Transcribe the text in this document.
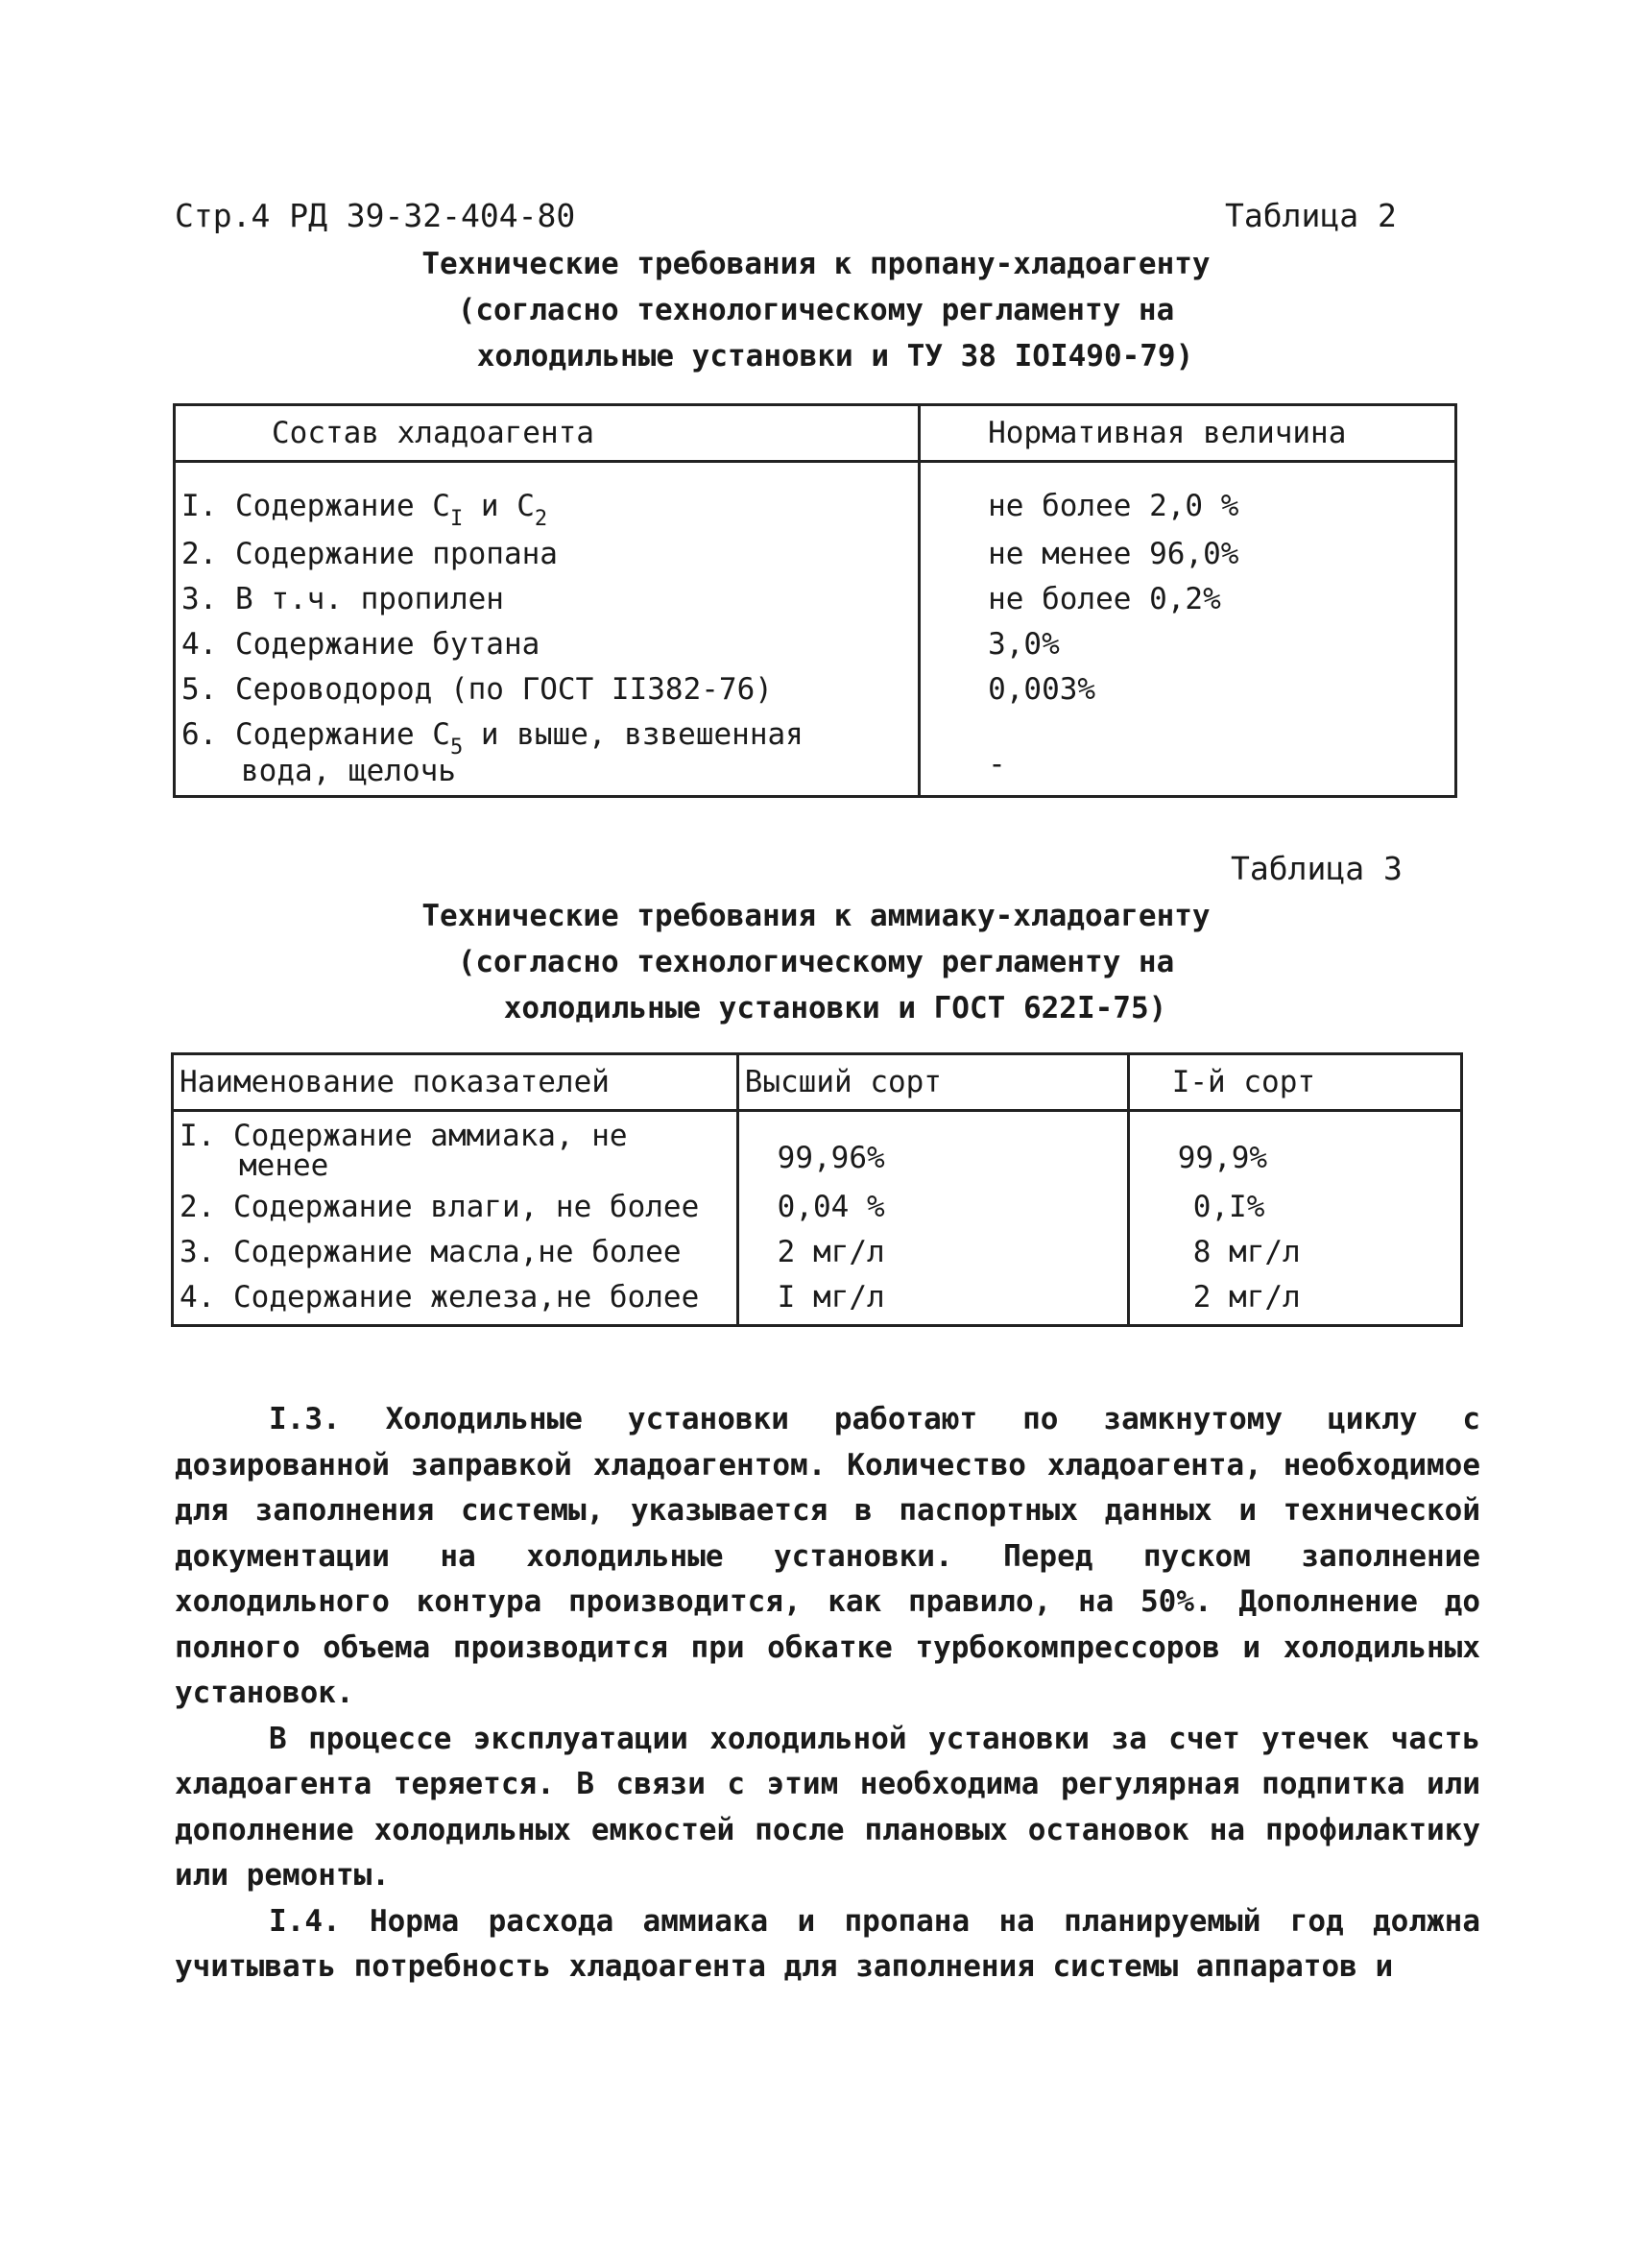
Стр.4 РД 39-32-404-80	Таблица 2
Технические требования к пропану-хладоагенту
(согласно технологическому регламенту на
холодильные установки и ТУ 38 IOI490-79)
Состав хладоагента	Нормативная величина
I. Содержание $C_I$ и $C_2$	не более 2,0 %
2. Содержание пропана	не менее 96,0%
3. В т.ч. пропилен	не более 0,2%
4. Содержание бутана	3,0%
5. Сероводород (по ГОСТ II382-76)	0,003%
6. Содержание $C_5$ и выше, взвешенная
вода, щелочь	-
Таблица 3
Технические требования к аммиаку-хладоагенту
(согласно технологическому регламенту на
холодильные установки и ГОСТ 622I-75)
Наименование показателей	Высший сорт	I-й сорт
I. Содержание аммиака, не
менее	99,96%	99,9%
2. Содержание влаги, не более	0,04 %	0,I%
3. Содержание масла,не более	2 мг/л	8 мг/л
4. Содержание железа,не более	I мг/л	2 мг/л

I.3. Холодильные установки работают по замкнутому циклу с дозированной заправкой хладоагентом. Количество хладоагента, необходимое для заполнения системы, указывается в паспортных данных и технической документации на холодильные установки. Перед пуском заполнение холодильного контура производится, как правило, на 50%. Дополнение до полного объема производится при обкатке турбокомпрессоров и холодильных установок.

В процессе эксплуатации холодильной установки за счет утечек часть хладоагента теряется. В связи с этим необходима регулярная подпитка или дополнение холодильных емкостей после плановых остановок на профилактику или ремонты.

I.4. Норма расхода аммиака и пропана на планируемый год должна учитывать потребность хладоагента для заполнения системы аппаратов и
